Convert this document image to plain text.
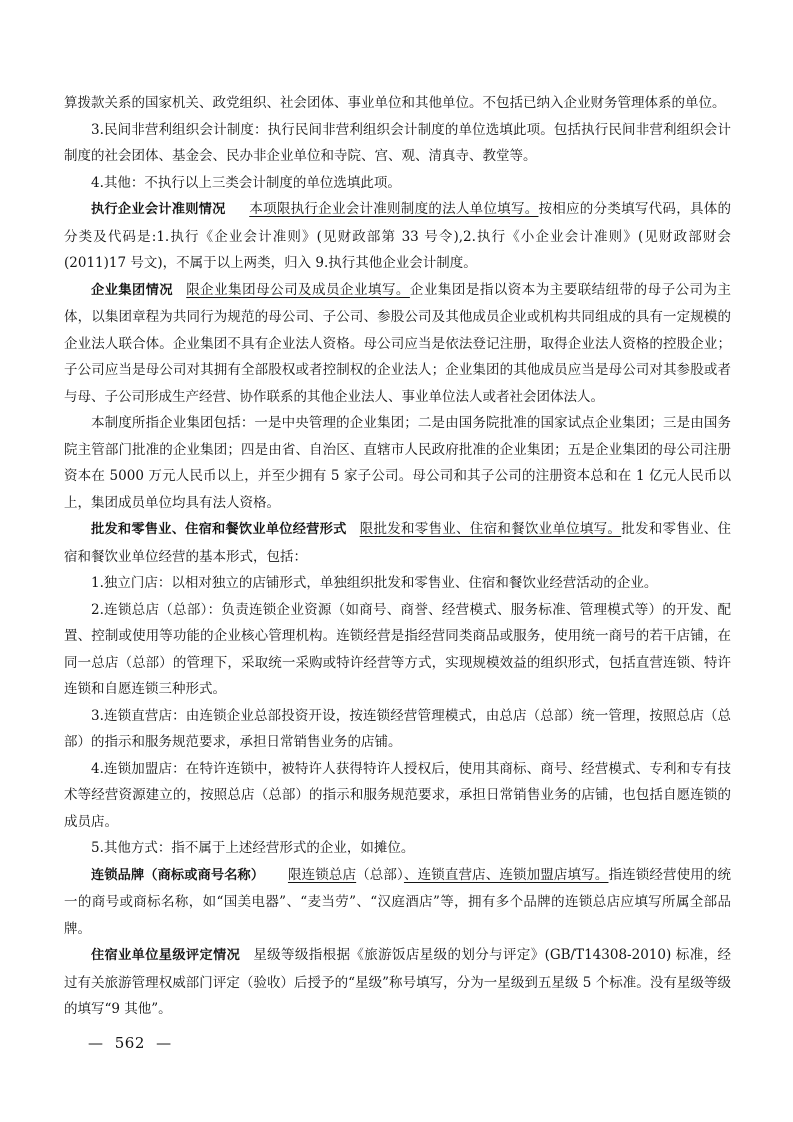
算拨款关系的国家机关、政党组织、社会团体、事业单位和其他单位。不包括已纳入企业财务管理体系的单位。

3.民间非营利组织会计制度：执行民间非营利组织会计制度的单位选填此项。包括执行民间非营利组织会计制度的社会团体、基金会、民办非企业单位和寺院、宫、观、清真寺、教堂等。

4.其他：不执行以上三类会计制度的单位选填此项。

执行企业会计准则情况 本项限执行企业会计准则制度的法人单位填写。按相应的分类填写代码，具体的分类及代码是:1.执行《企业会计准则》(见财政部第 33 号令),2.执行《小企业会计准则》(见财政部财会(2011)17 号文)，不属于以上两类，归入 9.执行其他企业会计制度。

企业集团情况 限企业集团母公司及成员企业填写。企业集团是指以资本为主要联结纽带的母子公司为主体，以集团章程为共同行为规范的母公司、子公司、参股公司及其他成员企业或机构共同组成的具有一定规模的企业法人联合体。企业集团不具有企业法人资格。母公司应当是依法登记注册，取得企业法人资格的控股企业；子公司应当是母公司对其拥有全部股权或者控制权的企业法人；企业集团的其他成员应当是母公司对其参股或者与母、子公司形成生产经营、协作联系的其他企业法人、事业单位法人或者社会团体法人。

本制度所指企业集团包括：一是中央管理的企业集团；二是由国务院批准的国家试点企业集团；三是由国务院主管部门批准的企业集团；四是由省、自治区、直辖市人民政府批准的企业集团；五是企业集团的母公司注册资本在 5000 万元人民币以上，并至少拥有 5 家子公司。母公司和其子公司的注册资本总和在 1 亿元人民币以上，集团成员单位均具有法人资格。

批发和零售业、住宿和餐饮业单位经营形式 限批发和零售业、住宿和餐饮业单位填写。批发和零售业、住宿和餐饮业单位经营的基本形式，包括：

1.独立门店：以相对独立的店铺形式，单独组织批发和零售业、住宿和餐饮业经营活动的企业。

2.连锁总店（总部）：负责连锁企业资源（如商号、商誉、经营模式、服务标准、管理模式等）的开发、配置、控制或使用等功能的企业核心管理机构。连锁经营是指经营同类商品或服务，使用统一商号的若干店铺，在同一总店（总部）的管理下，采取统一采购或特许经营等方式，实现规模效益的组织形式，包括直营连锁、特许连锁和自愿连锁三种形式。

3.连锁直营店：由连锁企业总部投资开设，按连锁经营管理模式，由总店（总部）统一管理，按照总店（总部）的指示和服务规范要求，承担日常销售业务的店铺。

4.连锁加盟店：在特许连锁中，被特许人获得特许人授权后，使用其商标、商号、经营模式、专利和专有技术等经营资源建立的，按照总店（总部）的指示和服务规范要求，承担日常销售业务的店铺，也包括自愿连锁的成员店。

5.其他方式：指不属于上述经营形式的企业，如摊位。

连锁品牌（商标或商号名称） 限连锁总店（总部）、连锁直营店、连锁加盟店填写。指连锁经营使用的统一的商号或商标名称，如“国美电器”、“麦当劳”、“汉庭酒店”等，拥有多个品牌的连锁总店应填写所属全部品牌。

住宿业单位星级评定情况 星级等级指根据《旅游饭店星级的划分与评定》(GB/T14308-2010) 标准，经过有关旅游管理权威部门评定（验收）后授予的“星级”称号填写，分为一星级到五星级 5 个标准。没有星级等级的填写“9 其他”。

— 562 —
